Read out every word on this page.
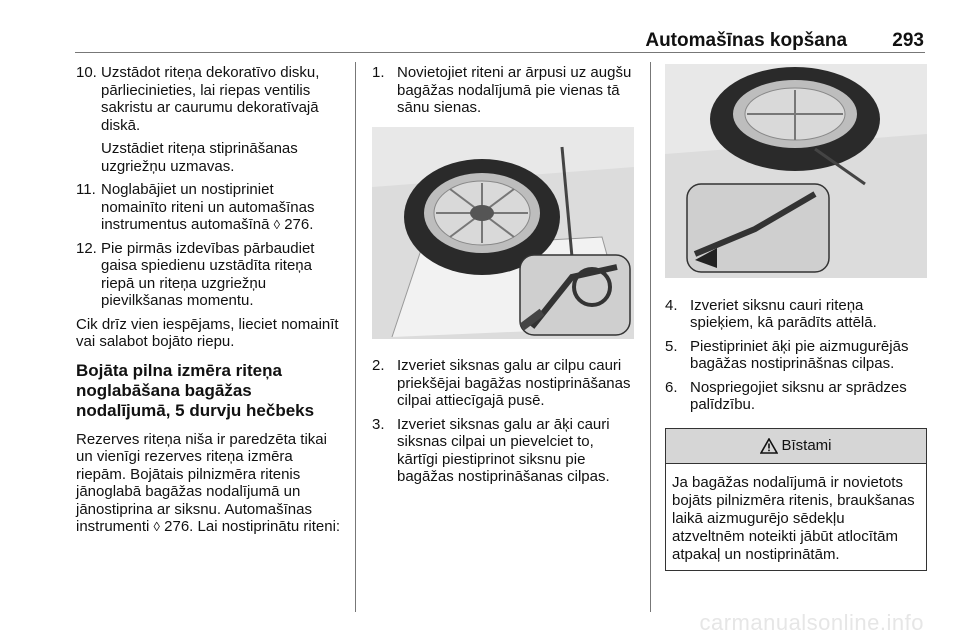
Automašīnas kopšana 293
10. Uzstādot riteņa dekoratīvo disku, pārliecinieties, lai riepas ventilis sakristu ar caurumu dekoratīvajā diskā.
Uzstādiet riteņa stiprināšanas uzgriežņu uzmavas.
11. Noglabājiet un nostipriniet nomainīto riteni un automašīnas instrumentus automašīnā ◊ 276.
12. Pie pirmās izdevības pārbaudiet gaisa spiedienu uzstādīta riteņa riepā un riteņa uzgriežņu pievilkšanas momentu.
Cik drīz vien iespējams, lieciet nomainīt vai salabot bojāto riepu.
Bojāta pilna izmēra riteņa noglabāšana bagāžas nodalījumā, 5 durvju hečbeks
Rezerves riteņa niša ir paredzēta tikai un vienīgi rezerves riteņa izmēra riepām. Bojātais pilnizmēra ritenis jānoglabā bagāžas nodalījumā un jānostiprina ar siksnu. Automašīnas instrumenti ◊ 276. Lai nostiprinātu riteni:
1. Novietojiet riteni ar ārpusi uz augšu bagāžas nodalījumā pie vienas tā sānu sienas.
2. Izveriet siksnas galu ar cilpu cauri priekšējai bagāžas nostiprināšanas cilpai attiecīgajā pusē.
3. Izveriet siksnas galu ar āķi cauri siksnas cilpai un pievelciet to, kārtīgi piestiprinot siksnu pie bagāžas nostiprināšanas cilpas.
4. Izveriet siksnu cauri riteņa spieķiem, kā parādīts attēlā.
5. Piestipriniet āķi pie aizmugurējās bagāžas nostiprināšnas cilpas.
6. Nospriegojiet siksnu ar sprādzes palīdzību.
Bīstami
Ja bagāžas nodalījumā ir novietots bojāts pilnizmēra ritenis, braukšanas laikā aizmugurējo sēdekļu atzveltnēm noteikti jābūt atlocītām atpakaļ un nostiprinātām.
carmanualsonline.info
